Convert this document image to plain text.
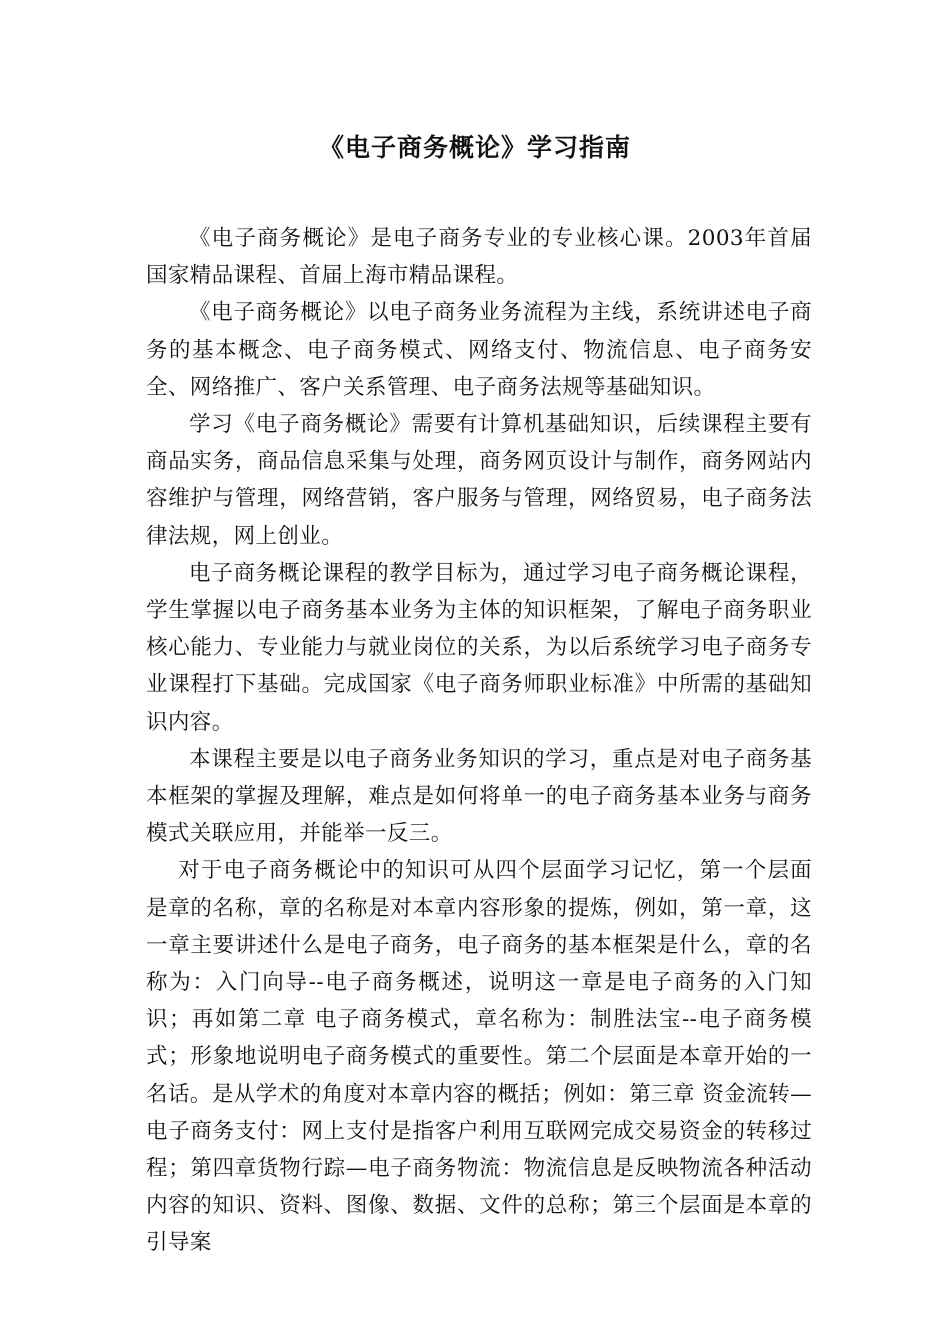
《电子商务概论》学习指南

《电子商务概论》是电子商务专业的专业核心课。2003年首届国家精品课程、首届上海市精品课程。

《电子商务概论》以电子商务业务流程为主线，系统讲述电子商务的基本概念、电子商务模式、网络支付、物流信息、电子商务安全、网络推广、客户关系管理、电子商务法规等基础知识。

学习《电子商务概论》需要有计算机基础知识，后续课程主要有商品实务，商品信息采集与处理，商务网页设计与制作，商务网站内容维护与管理，网络营销，客户服务与管理，网络贸易，电子商务法律法规，网上创业。

电子商务概论课程的教学目标为，通过学习电子商务概论课程，学生掌握以电子商务基本业务为主体的知识框架，了解电子商务职业核心能力、专业能力与就业岗位的关系，为以后系统学习电子商务专业课程打下基础。完成国家《电子商务师职业标准》中所需的基础知识内容。

本课程主要是以电子商务业务知识的学习，重点是对电子商务基本框架的掌握及理解，难点是如何将单一的电子商务基本业务与商务模式关联应用，并能举一反三。

对于电子商务概论中的知识可从四个层面学习记忆，第一个层面是章的名称，章的名称是对本章内容形象的提炼，例如，第一章，这一章主要讲述什么是电子商务，电子商务的基本框架是什么，章的名称为：入门向导--电子商务概述，说明这一章是电子商务的入门知识；再如第二章 电子商务模式，章名称为：制胜法宝--电子商务模式；形象地说明电子商务模式的重要性。第二个层面是本章开始的一名话。是从学术的角度对本章内容的概括；例如：第三章 资金流转—电子商务支付：网上支付是指客户利用互联网完成交易资金的转移过程；第四章货物行踪—电子商务物流：物流信息是反映物流各种活动内容的知识、资料、图像、数据、文件的总称；第三个层面是本章的引导案
